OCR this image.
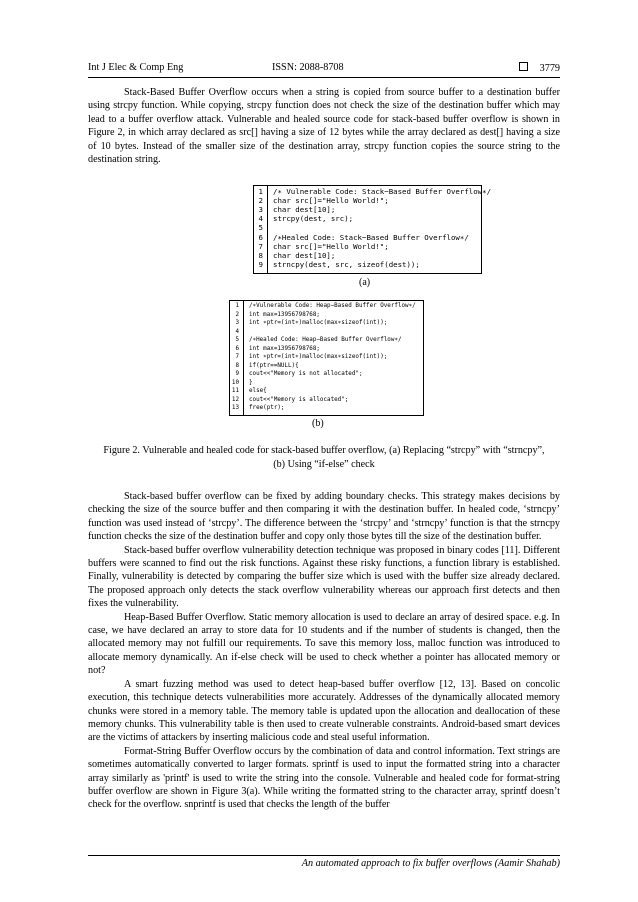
Int J Elec & Comp Eng	ISSN: 2088-8708	3779

Stack-Based Buffer Overflow occurs when a string is copied from source buffer to a destination buffer using strcpy function. While copying, strcpy function does not check the size of the destination buffer which may lead to a buffer overflow attack. Vulnerable and healed source code for stack-based buffer overflow is shown in Figure 2, in which array declared as src[] having a size of 12 bytes while the array declared as dest[] having a size of 10 bytes. Instead of the smaller size of the destination array, strcpy function copies the source string to the destination string.

1 /∗ Vulnerable Code: Stack−Based Buffer Overflow∗/
2 char src[]="Hello World!";
3 char dest[10];
4 strcpy(dest, src);
5
6 /∗Healed Code: Stack−Based Buffer Overflow∗/
7 char src[]="Hello World!";
8 char dest[10];
9 strncpy(dest, src, sizeof(dest));
(a)
1 /∗Vulnerable Code: Heap−Based Buffer Overflow∗/
2 int max=13956798768;
3 int ∗ptr=(int∗)malloc(max∗sizeof(int));
4
5 /∗Healed Code: Heap−Based Buffer Overflow∗/
6 int max=13956798768;
7 int ∗ptr=(int∗)malloc(max∗sizeof(int));
8 if(ptr==NULL){
9 cout<<"Memory is not allocated";
10 }
11 else{
12 cout<<"Memory is allocated";
13 free(ptr);
(b)
Figure 2. Vulnerable and healed code for stack-based buffer overflow, (a) Replacing “strcpy” with “strncpy”,
(b) Using “if-else” check

Stack-based buffer overflow can be fixed by adding boundary checks. This strategy makes decisions by checking the size of the source buffer and then comparing it with the destination buffer. In healed code, ‘strncpy’ function was used instead of ‘strcpy’. The difference between the ‘strcpy’ and ‘strncpy’ function is that the strncpy function checks the size of the destination buffer and copy only those bytes till the size of the destination buffer.

Stack-based buffer overflow vulnerability detection technique was proposed in binary codes [11]. Different buffers were scanned to find out the risk functions. Against these risky functions, a function library is established. Finally, vulnerability is detected by comparing the buffer size which is used with the buffer size already declared. The proposed approach only detects the stack overflow vulnerability whereas our approach first detects and then fixes the vulnerability.

Heap-Based Buffer Overflow. Static memory allocation is used to declare an array of desired space. e.g. In case, we have declared an array to store data for 10 students and if the number of students is changed, then the allocated memory may not fulfill our requirements. To save this memory loss, malloc function was introduced to allocate memory dynamically. An if-else check will be used to check whether a pointer has allocated memory or not?

A smart fuzzing method was used to detect heap-based buffer overflow [12, 13]. Based on concolic execution, this technique detects vulnerabilities more accurately. Addresses of the dynamically allocated memory chunks were stored in a memory table. The memory table is updated upon the allocation and deallocation of these memory chunks. This vulnerability table is then used to create vulnerable constraints. Android-based smart devices are the victims of attackers by inserting malicious code and steal useful information.

Format-String Buffer Overflow occurs by the combination of data and control information. Text strings are sometimes automatically converted to larger formats. sprintf is used to input the formatted string into a character array similarly as 'printf' is used to write the string into the console. Vulnerable and healed code for format-string buffer overflow are shown in Figure 3(a). While writing the formatted string to the character array, sprintf doesn’t check for the overflow. snprintf is used that checks the length of the buffer

An automated approach to fix buffer overflows (Aamir Shahab)
